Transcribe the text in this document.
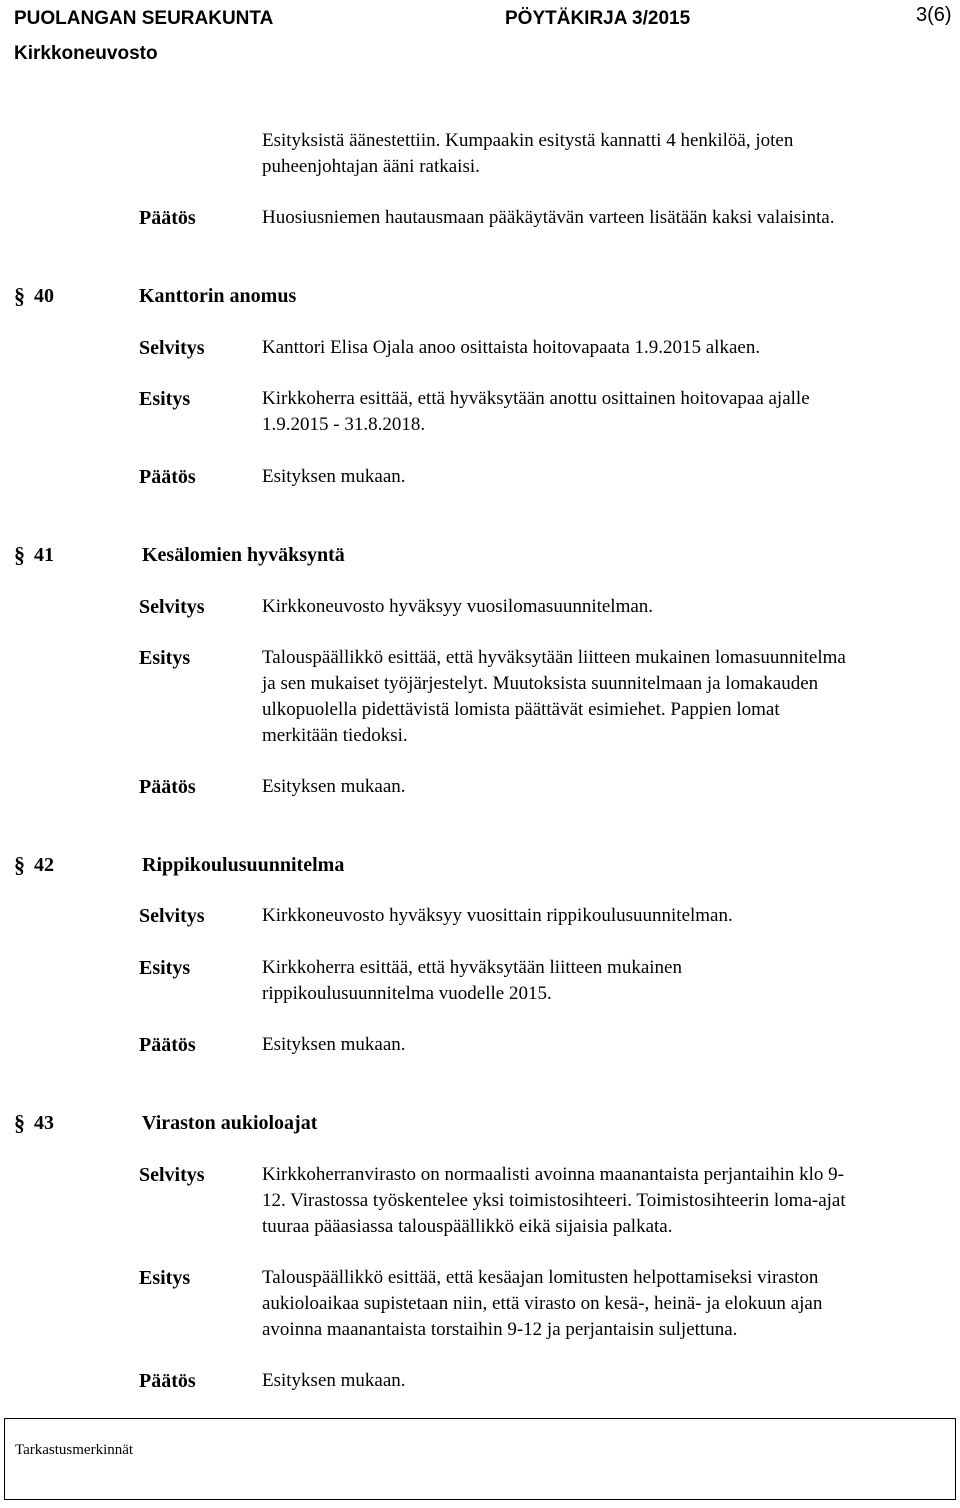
PUOLANGAN SEURAKUNTA	PÖYTÄKIRJA 3/2015	3(6)
Kirkkoneuvosto
Esityksistä äänestettiin. Kumpaakin esitystä kannatti 4 henkilöä, joten
puheenjohtajan ääni ratkaisi.
Päätös	Huosiusniemen hautausmaan pääkäytävän varteen lisätään kaksi valaisinta.
§ 40	Kanttorin anomus
Selvitys	Kanttori Elisa Ojala anoo osittaista hoitovapaata 1.9.2015 alkaen.
Esitys	Kirkkoherra esittää, että hyväksytään anottu osittainen hoitovapaa ajalle
1.9.2015 - 31.8.2018.
Päätös	Esityksen mukaan.
§ 41	Kesälomien hyväksyntä
Selvitys	Kirkkoneuvosto hyväksyy vuosilomasuunnitelman.
Esitys	Talouspäällikkö esittää, että hyväksytään liitteen mukainen lomasuunnitelma
ja sen mukaiset työjärjestelyt. Muutoksista suunnitelmaan ja lomakauden
ulkopuolella pidettävistä lomista päättävät esimiehet. Pappien lomat
merkitään tiedoksi.
Päätös	Esityksen mukaan.
§ 42	Rippikoulusuunnitelma
Selvitys	Kirkkoneuvosto hyväksyy vuosittain rippikoulusuunnitelman.
Esitys	Kirkkoherra esittää, että hyväksytään liitteen mukainen
rippikoulusuunnitelma vuodelle 2015.
Päätös	Esityksen mukaan.
§ 43	Viraston aukioloajat
Selvitys	Kirkkoherranvirasto on normaalisti avoinna maanantaista perjantaihin klo 9-
12. Virastossa työskentelee yksi toimistosihteeri. Toimistosihteerin loma-ajat
tuuraa pääasiassa talouspäällikkö eikä sijaisia palkata.
Esitys	Talouspäällikkö esittää, että kesäajan lomitusten helpottamiseksi viraston
aukioloaikaa supistetaan niin, että virasto on kesä-, heinä- ja elokuun ajan
avoinna maanantaista torstaihin 9-12 ja perjantaisin suljettuna.
Päätös	Esityksen mukaan.
Tarkastusmerkinnät
